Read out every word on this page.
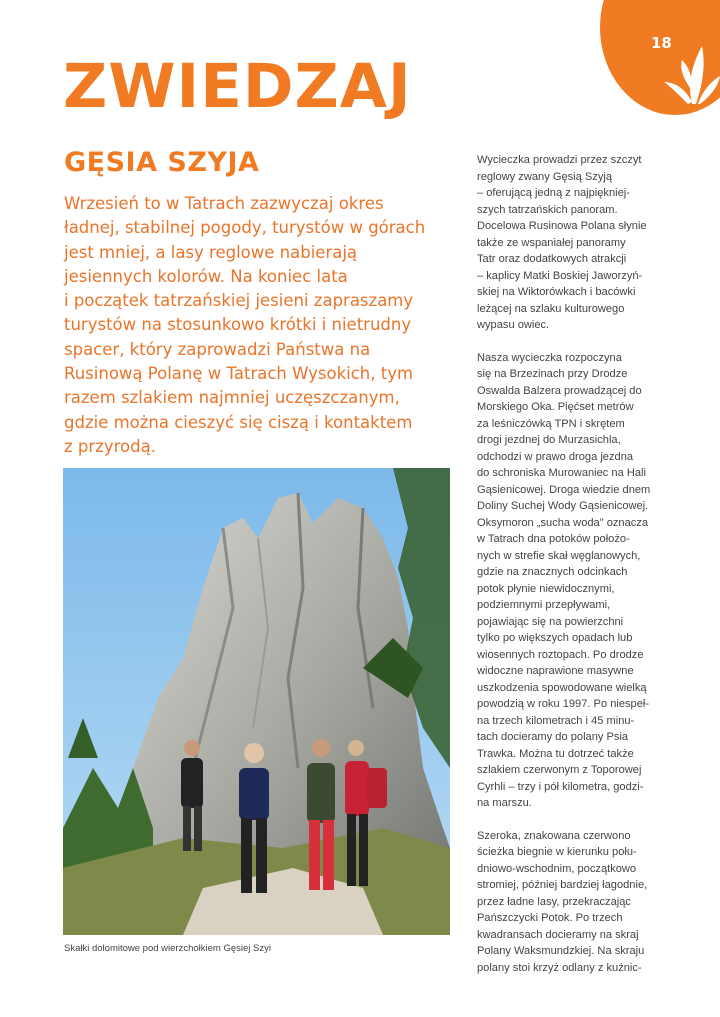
18
ZWIEDZAJ
GĘSIA SZYJA
Wrzesień to w Tatrach zazwyczaj okres
ładnej, stabilnej pogody, turystów w górach
jest mniej, a lasy reglowe nabierają
jesiennych kolorów. Na koniec lata
i początek tatrzańskiej jesieni zapraszamy
turystów na stosunkowo krótki i nietrudny
spacer, który zaprowadzi Państwa na
Rusinową Polanę w Tatrach Wysokich, tym
razem szlakiem najmniej uczęszczanym,
gdzie można cieszyć się ciszą i kontaktem
z przyrodą.

Skałki dolomitowe pod wierzchołkiem Gęsiej Szyi

Wycieczka prowadzi przez szczyt
reglowy zwany Gęsią Szyją
– oferującą jedną z najpiękniej-
szych tatrzańskich panoram.
Docelowa Rusinowa Polana słynie
także ze wspaniałej panoramy
Tatr oraz dodatkowych atrakcji
– kaplicy Matki Boskiej Jaworzyń-
skiej na Wiktorówkach i bacówki
leżącej na szlaku kulturowego
wypasu owiec.

Nasza wycieczka rozpoczyna
się na Brzezinach przy Drodze
Oswalda Balzera prowadzącej do
Morskiego Oka. Pięćset metrów
za leśniczówką TPN i skrętem
drogi jezdnej do Murzasichla,
odchodzi w prawo droga jezdna
do schroniska Murowaniec na Hali
Gąsienicowej. Droga wiedzie dnem
Doliny Suchej Wody Gąsienicowej.
Oksymoron „sucha woda" oznacza
w Tatrach dna potoków położo-
nych w strefie skał węglanowych,
gdzie na znacznych odcinkach
potok płynie niewidocznymi,
podziemnymi przepływami,
pojawiając się na powierzchni
tylko po większych opadach lub
wiosennych roztopach. Po drodze
widoczne naprawione masywne
uszkodzenia spowodowane wielką
powodzią w roku 1997. Po niespeł-
na trzech kilometrach i 45 minu-
tach docieramy do polany Psia
Trawka. Można tu dotrzeć także
szlakiem czerwonym z Toporowej
Cyrhli – trzy i pół kilometra, godzi-
na marszu.

Szeroka, znakowana czerwono
ścieżka biegnie w kierunku połu-
dniowo-wschodnim, początkowo
stromiej, później bardziej łagodnie,
przez ładne lasy, przekraczając
Pańszczycki Potok. Po trzech
kwadransach docieramy na skraj
Polany Waksmundzkiej. Na skraju
polany stoi krzyż odlany z kuźnic-
